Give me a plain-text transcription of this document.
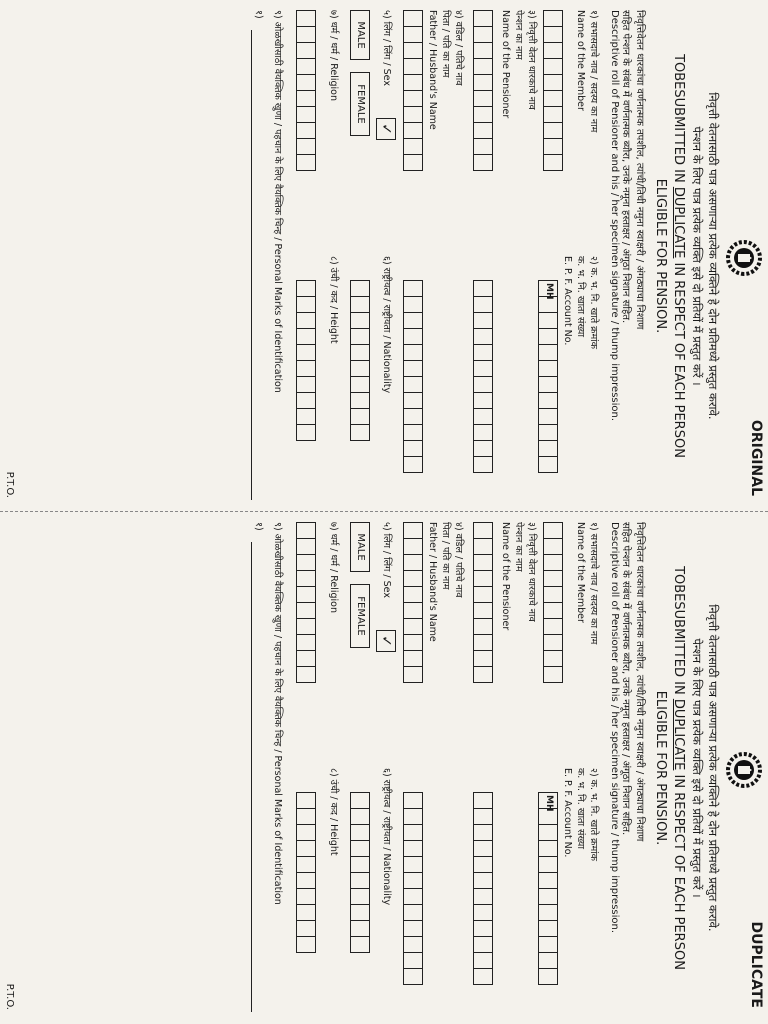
ORIGINAL
निवृत्ती वेतनासाठी पात्र असणाऱ्या प्रत्येक व्यक्तिने हे दोन प्रतिमध्ये प्रस्तुत करावे.
पेन्शन के लिए पात्र प्रत्येक व्यक्ति इसे दो प्रतियों में प्रस्तुत करें ।
TOBESUBMITTED IN DUPLICATE IN RESPECT OF EACH PERSON
ELIGIBLE FOR PENSION.
निवृत्तिवेतन धारकांचा वर्णनात्मक तपशील, त्यांची/तिची नमुना स्वाक्षरी / अंगठ्याचा निशाण
सहित पेन्शन के संबंध में वर्णनात्मक ब्यौरा, उनके नमूना हस्ताक्षर / अंगूठा निशान सहित.
Descriptive roll of Pensioner and his / her specimen signature / thump impression.
१) सभासदाचे नाव / सदस्य का नाम
Name of the Member
२) क. भ. नि. खाते क्रमांक
क. भ. नि. खाता संख्या
E. P. F. Account No.
MH
३) निवृत्ती वेतन धारकाचे नाव
पेन्शन का नाम
Name of the Pensioner
४) वडिल / पतिचे नाव
पिता / पति का नाम
Father / Husband's Name
५) लिंग / लिंग / Sex
✓
६) राष्ट्रीयत्व / राष्ट्रीयता / Nationality
MALE
FEMALE
७) धर्म / धर्म / Religion
८) उंची / कद / Height
९) ओळखीसाठी वैयक्तिक खुणा / पहचान के लिए वैयक्तिक चिन्ह / Personal Marks of Identification
१)
P.T.O.
DUPLICATE
निवृत्ती वेतनासाठी पात्र असणाऱ्या प्रत्येक व्यक्तिने हे दोन प्रतिमध्ये प्रस्तुत करावे.
पेन्शन के लिए पात्र प्रत्येक व्यक्ति इसे दो प्रतियों में प्रस्तुत करें ।
TOBESUBMITTED IN DUPLICATE IN RESPECT OF EACH PERSON
ELIGIBLE FOR PENSION.
निवृत्तिवेतन धारकांचा वर्णनात्मक तपशील, त्यांची/तिची नमुना स्वाक्षरी / अंगठ्याचा निशाण
सहित पेन्शन के संबंध में वर्णनात्मक ब्यौरा, उनके नमूना हस्ताक्षर / अंगूठा निशान सहित.
Descriptive roll of Pensioner and his / her specimen signature / thump impression.
१) सभासदाचे नाव / सदस्य का नाम
Name of the Member
२) क. भ. नि. खाते क्रमांक
क. भ. नि. खाता संख्या
E. P. F. Account No.
MH
३) निवृत्ती वेतन धारकाचे नाव
पेन्शन का नाम
Name of the Pensioner
४) वडिल / पतिचे नाव
पिता / पति का नाम
Father / Husband's Name
५) लिंग / लिंग / Sex
✓
६) राष्ट्रीयत्व / राष्ट्रीयता / Nationality
MALE
FEMALE
७) धर्म / धर्म / Religion
८) उंची / कद / Height
९) ओळखीसाठी वैयक्तिक खुणा / पहचान के लिए वैयक्तिक चिन्ह / Personal Marks of Identification
१)
P.T.O.
